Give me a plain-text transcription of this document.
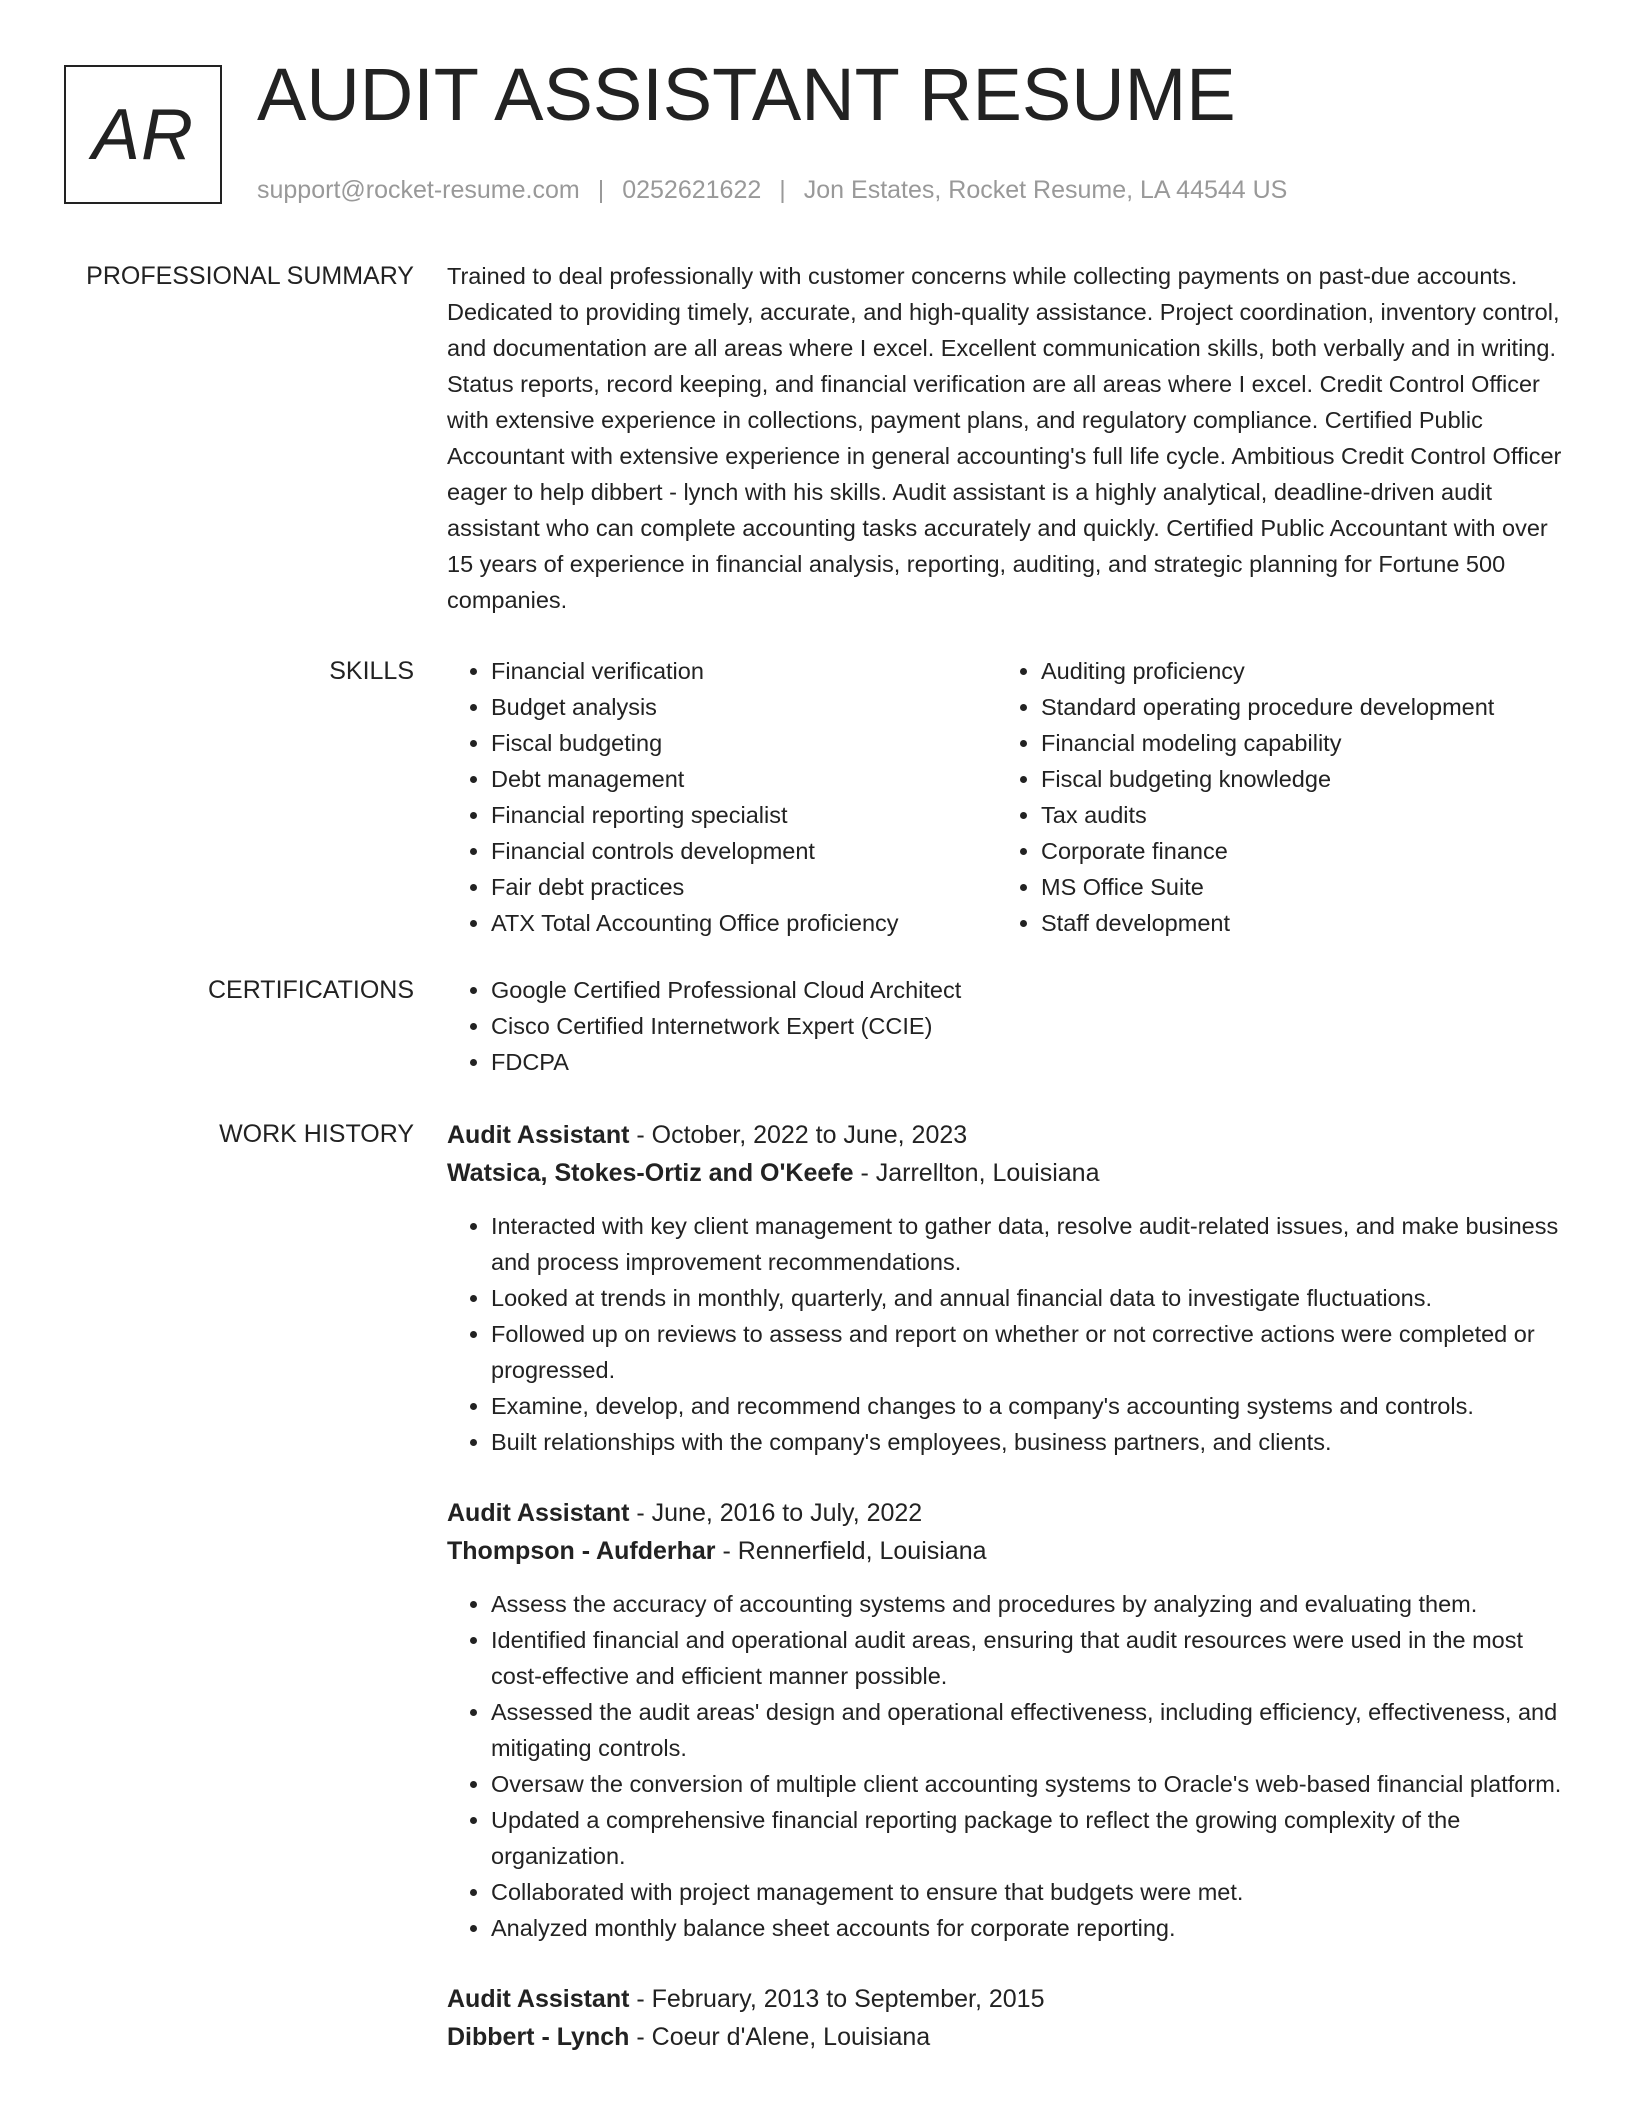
AR AUDIT ASSISTANT RESUME
support@rocket-resume.com | 0252621622 | Jon Estates, Rocket Resume, LA 44544 US
PROFESSIONAL SUMMARY Trained to deal professionally with customer concerns while collecting payments on past-due accounts. Dedicated to providing timely, accurate, and high-quality assistance. Project coordination, inventory control, and documentation are all areas where I excel. Excellent communication skills, both verbally and in writing. Status reports, record keeping, and financial verification are all areas where I excel. Credit Control Officer with extensive experience in collections, payment plans, and regulatory compliance. Certified Public Accountant with extensive experience in general accounting's full life cycle. Ambitious Credit Control Officer eager to help dibbert - lynch with his skills. Audit assistant is a highly analytical, deadline-driven audit assistant who can complete accounting tasks accurately and quickly. Certified Public Accountant with over 15 years of experience in financial analysis, reporting, auditing, and strategic planning for Fortune 500 companies.

SKILLS	• Financial verification
• Budget analysis
• Fiscal budgeting
• Debt management
• Financial reporting specialist
• Financial controls development
• Fair debt practices
• ATX Total Accounting Office proficiency
• Auditing proficiency
• Standard operating procedure development
• Financial modeling capability
• Fiscal budgeting knowledge
• Tax audits
• Corporate finance
• MS Office Suite
• Staff development
CERTIFICATIONS	• Google Certified Professional Cloud Architect
• Cisco Certified Internetwork Expert (CCIE)
• FDCPA
WORK HISTORY Audit Assistant - October, 2022 to June, 2023
Watsica, Stokes-Ortiz and O'Keefe - Jarrellton, Louisiana
• Interacted with key client management to gather data, resolve audit-related issues, and make business and process improvement recommendations.
• Looked at trends in monthly, quarterly, and annual financial data to investigate fluctuations.
• Followed up on reviews to assess and report on whether or not corrective actions were completed or progressed.
• Examine, develop, and recommend changes to a company's accounting systems and controls.
• Built relationships with the company's employees, business partners, and clients.
Audit Assistant - June, 2016 to July, 2022
Thompson - Aufderhar - Rennerfield, Louisiana
• Assess the accuracy of accounting systems and procedures by analyzing and evaluating them.
• Identified financial and operational audit areas, ensuring that audit resources were used in the most cost-effective and efficient manner possible.
• Assessed the audit areas' design and operational effectiveness, including efficiency, effectiveness, and mitigating controls.
• Oversaw the conversion of multiple client accounting systems to Oracle's web-based financial platform.
• Updated a comprehensive financial reporting package to reflect the growing complexity of the organization.
• Collaborated with project management to ensure that budgets were met.
• Analyzed monthly balance sheet accounts for corporate reporting.
Audit Assistant - February, 2013 to September, 2015
Dibbert - Lynch - Coeur d'Alene, Louisiana
